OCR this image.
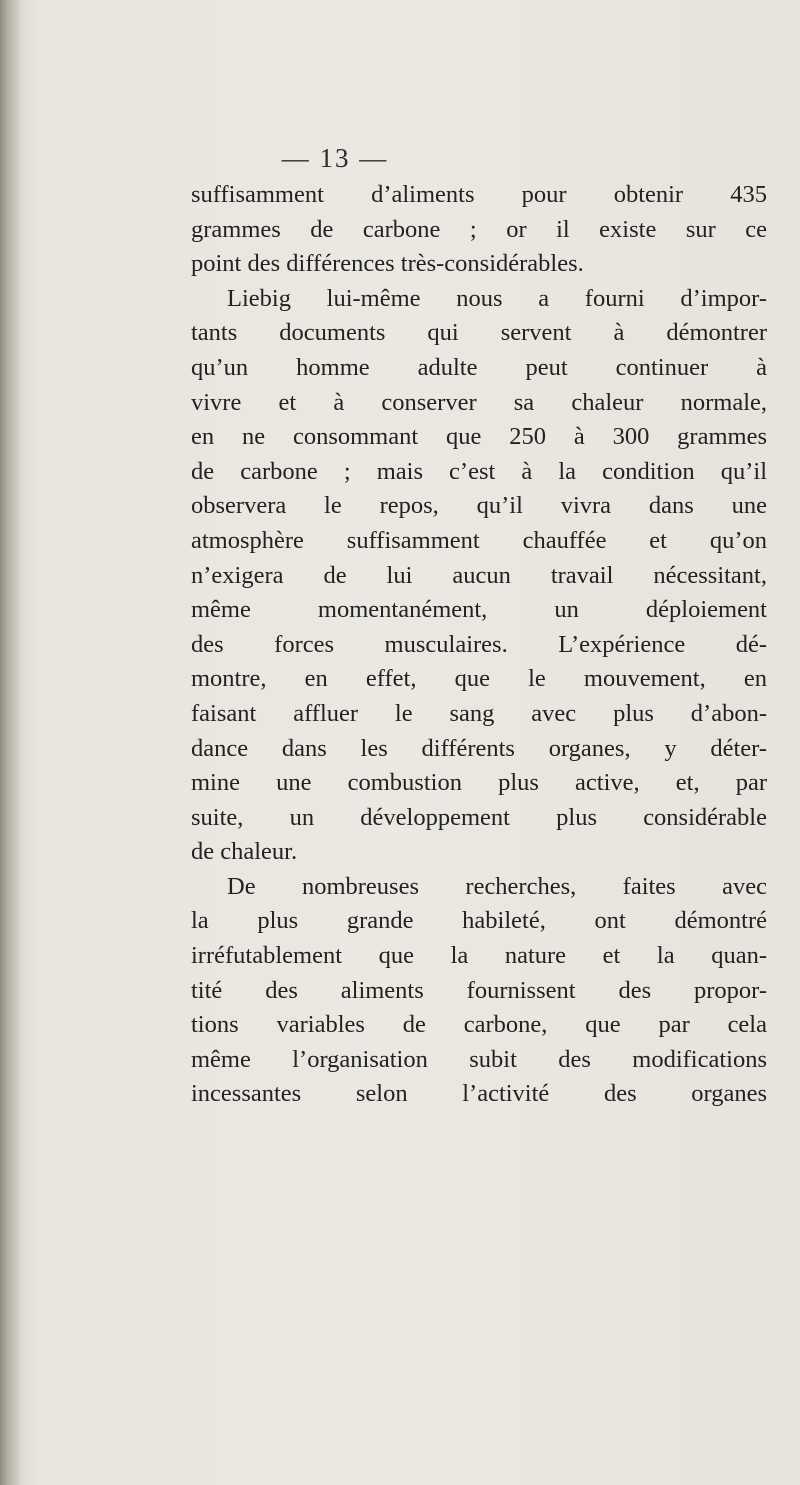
— 13 —
suffisamment d’aliments pour obtenir 435
grammes de carbone ; or il existe sur ce
point des différences très-considérables.
Liebig lui-même nous a fourni d’impor-
tants documents qui servent à démontrer
qu’un homme adulte peut continuer à
vivre et à conserver sa chaleur normale,
en ne consommant que 250 à 300 grammes
de carbone ; mais c’est à la condition qu’il
observera le repos, qu’il vivra dans une
atmosphère suffisamment chauffée et qu’on
n’exigera de lui aucun travail nécessitant,
même momentanément, un déploiement
des forces musculaires. L’expérience dé-
montre, en effet, que le mouvement, en
faisant affluer le sang avec plus d’abon-
dance dans les différents organes, y déter-
mine une combustion plus active, et, par
suite, un développement plus considérable
de chaleur.
De nombreuses recherches, faites avec
la plus grande habileté, ont démontré
irréfutablement que la nature et la quan-
tité des aliments fournissent des propor-
tions variables de carbone, que par cela
même l’organisation subit des modifications
incessantes selon l’activité des organes
